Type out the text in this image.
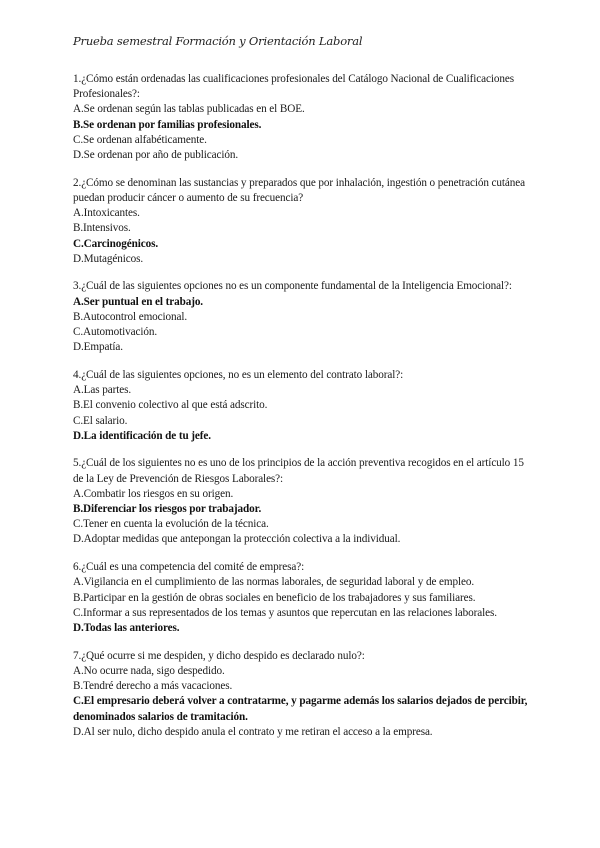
Prueba semestral Formación y Orientación Laboral

1.¿Cómo están ordenadas las cualificaciones profesionales del Catálogo Nacional de Cualificaciones Profesionales?:

A.Se ordenan según las tablas publicadas en el BOE.

B.Se ordenan por familias profesionales.

C.Se ordenan alfabéticamente.

D.Se ordenan por año de publicación.

2.¿Cómo se denominan las sustancias y preparados que por inhalación, ingestión o penetración cutánea puedan producir cáncer o aumento de su frecuencia?

A.Intoxicantes.

B.Intensivos.

C.Carcinogénicos.

D.Mutagénicos.

3.¿Cuál de las siguientes opciones no es un componente fundamental de la Inteligencia Emocional?:

A.Ser puntual en el trabajo.

B.Autocontrol emocional.

C.Automotivación.

D.Empatía.

4.¿Cuál de las siguientes opciones, no es un elemento del contrato laboral?:

A.Las partes.

B.El convenio colectivo al que está adscrito.

C.El salario.

D.La identificación de tu jefe.

5.¿Cuál de los siguientes no es uno de los principios de la acción preventiva recogidos en el artículo 15 de la Ley de Prevención de Riesgos Laborales?:

A.Combatir los riesgos en su origen.

B.Diferenciar los riesgos por trabajador.

C.Tener en cuenta la evolución de la técnica.

D.Adoptar medidas que antepongan la protección colectiva a la individual.

6.¿Cuál es una competencia del comité de empresa?:

A.Vigilancia en el cumplimiento de las normas laborales, de seguridad laboral y de empleo.

B.Participar en la gestión de obras sociales en beneficio de los trabajadores y sus familiares.

C.Informar a sus representados de los temas y asuntos que repercutan en las relaciones laborales.

D.Todas las anteriores.

7.¿Qué ocurre si me despiden, y dicho despido es declarado nulo?:

A.No ocurre nada, sigo despedido.

B.Tendré derecho a más vacaciones.

C.El empresario deberá volver a contratarme, y pagarme además los salarios dejados de percibir, denominados salarios de tramitación.

D.Al ser nulo, dicho despido anula el contrato y me retiran el acceso a la empresa.
